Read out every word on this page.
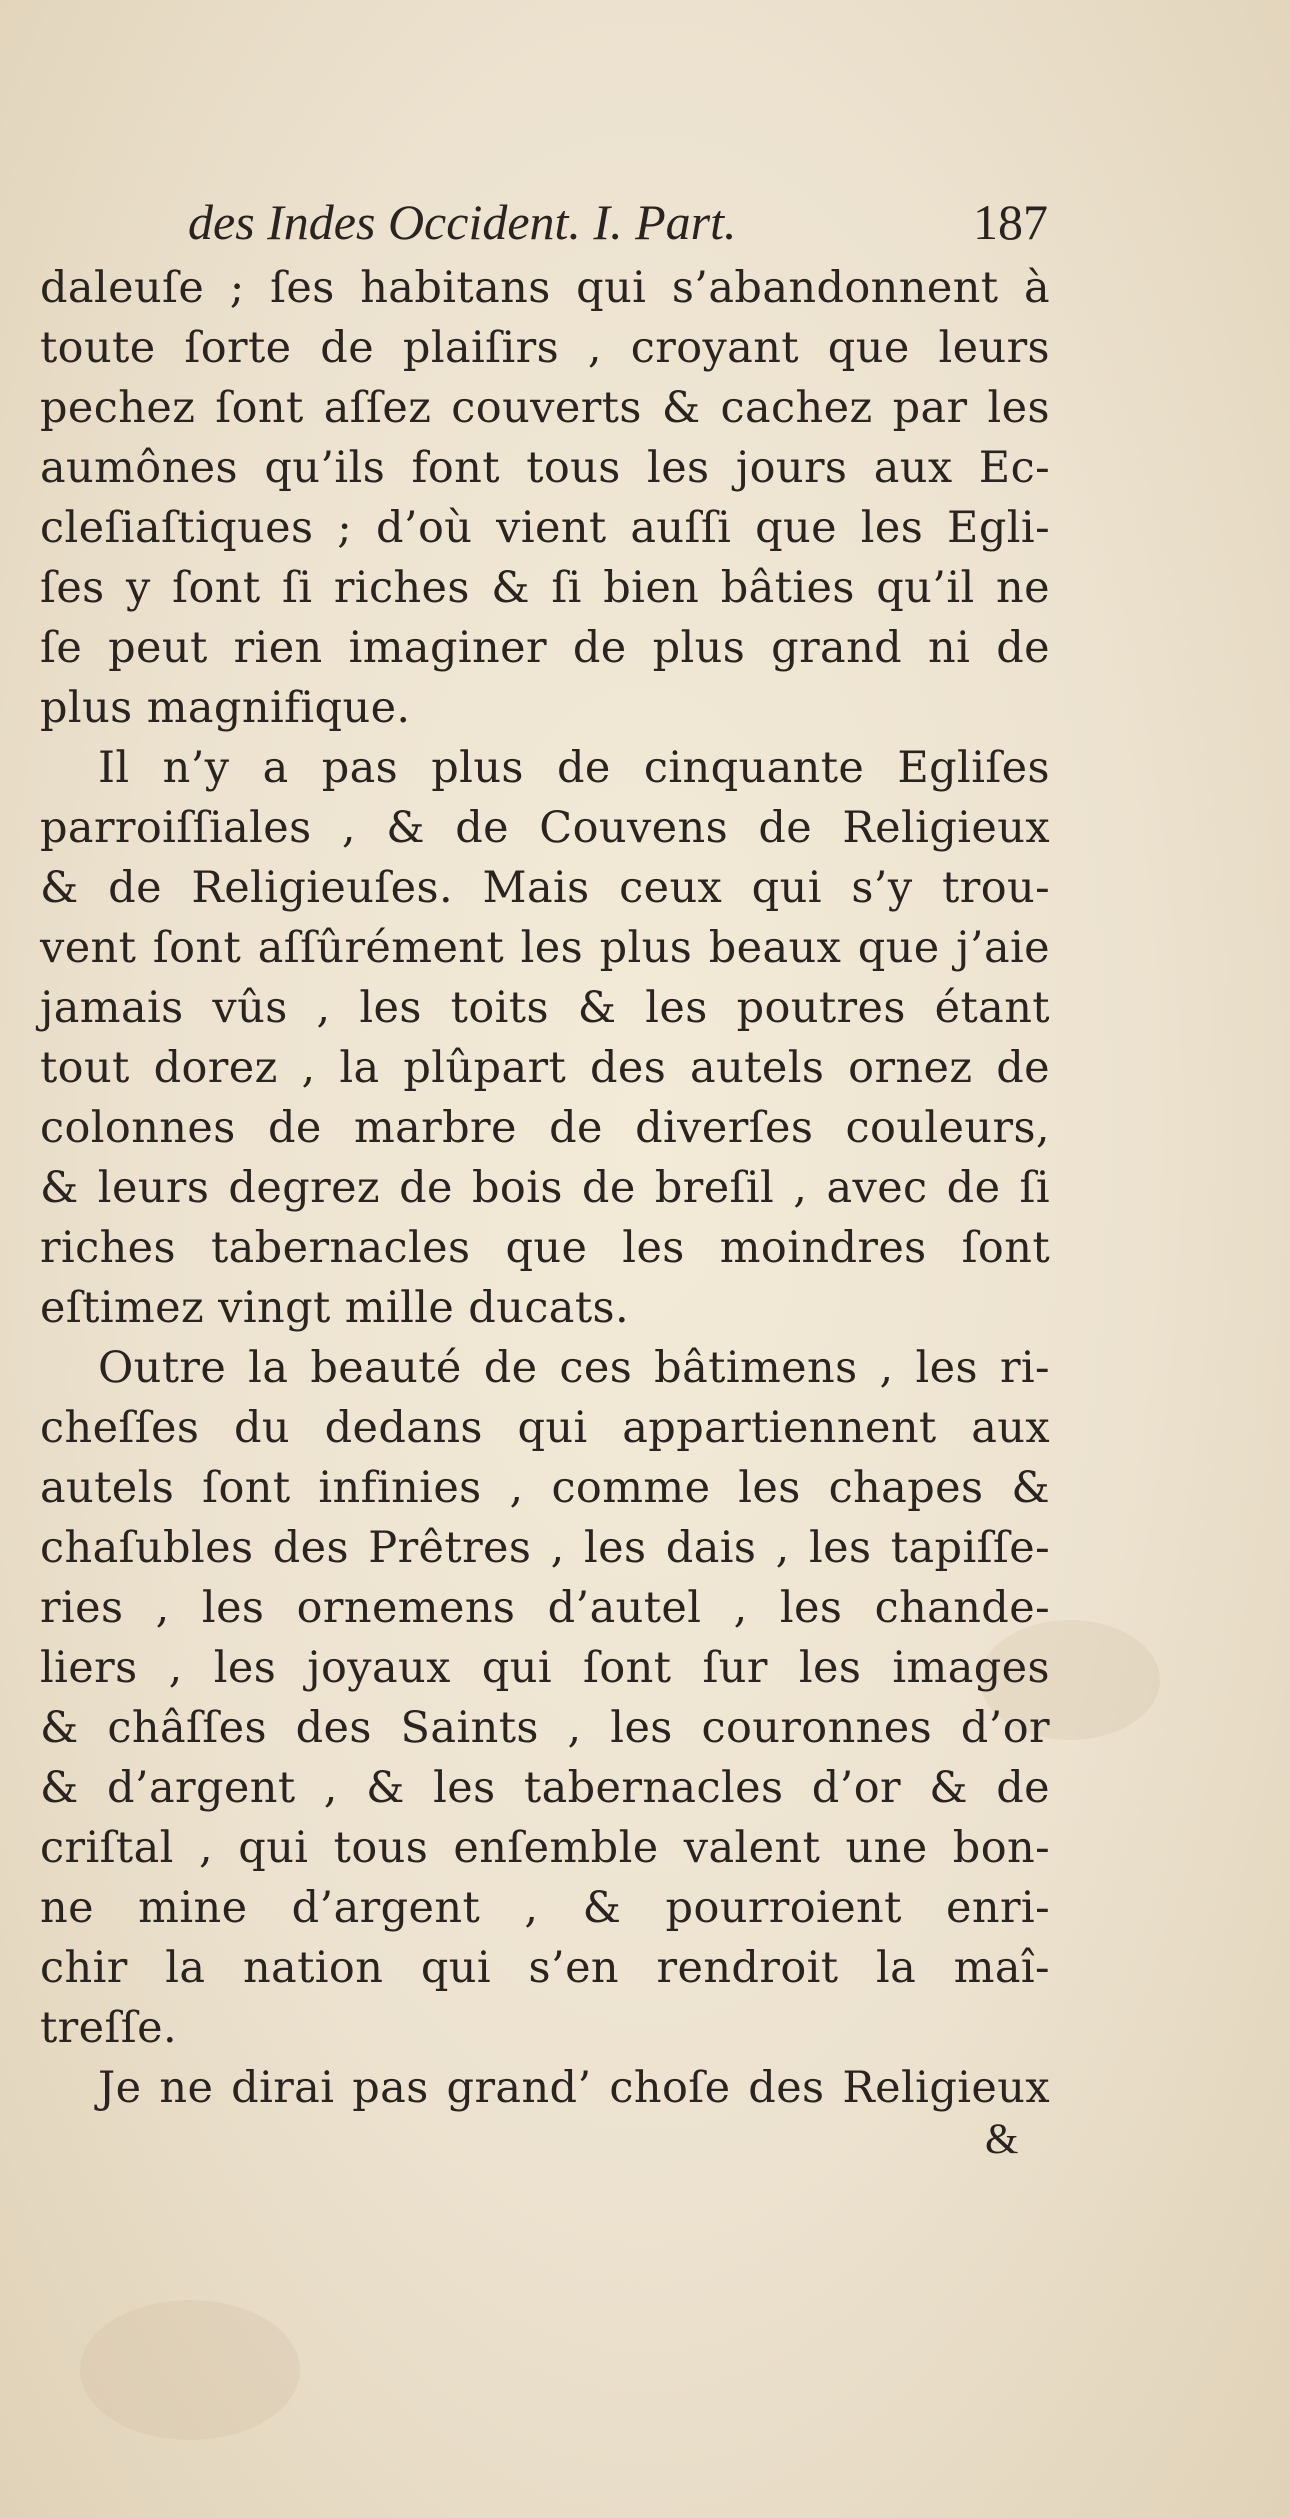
des Indes Occident. I. Part.	187
daleuſe ; ſes habitans qui s’abandonnent à
toute ſorte de plaiſirs , croyant que leurs
pechez ſont aſſez couverts & cachez par les
aumônes qu’ils font tous les jours aux Ec-
cleſiaſtiques ; d’où vient auſſi que les Egli-
ſes y ſont ſi riches & ſi bien bâties qu’il ne
ſe peut rien imaginer de plus grand ni de
plus magnifique.
Il n’y a pas plus de cinquante Egliſes
parroiſſiales , & de Couvens de Religieux
& de Religieuſes. Mais ceux qui s’y trou-
vent ſont aſſûrément les plus beaux que j’aie
jamais vûs , les toits & les poutres étant
tout dorez , la plûpart des autels ornez de
colonnes de marbre de diverſes couleurs,
& leurs degrez de bois de breſil , avec de ſi
riches tabernacles que les moindres ſont
eſtimez vingt mille ducats.
Outre la beauté de ces bâtimens , les ri-
cheſſes du dedans qui appartiennent aux
autels ſont infinies , comme les chapes &
chaſubles des Prêtres , les dais , les tapiſſe-
ries , les ornemens d’autel , les chande-
liers , les joyaux qui ſont ſur les images
& châſſes des Saints , les couronnes d’or
& d’argent , & les tabernacles d’or & de
criſtal , qui tous enſemble valent une bon-
ne mine d’argent , & pourroient enri-
chir la nation qui s’en rendroit la maî-
treſſe.
Je ne dirai pas grand’ choſe des Religieux
&
